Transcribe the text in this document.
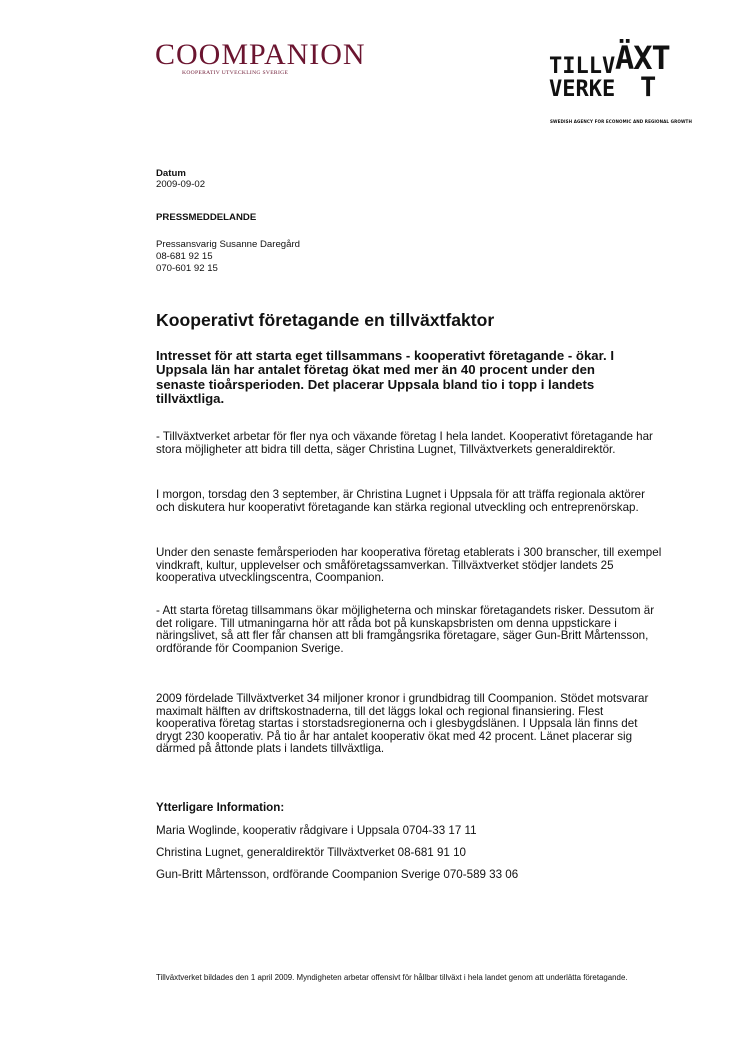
COOMPANION
KOOPERATIV UTVECKLING SVERIGE	TILLV ÄXT
VERKE T
SWEDISH AGENCY FOR ECONOMIC AND REGIONAL GROWTH
Datum
2009-09-02
PRESSMEDDELANDE
Pressansvarig Susanne Daregård
08-681 92 15
070-601 92 15
Kooperativt företagande en tillväxtfaktor

Intresset för att starta eget tillsammans - kooperativt företagande - ökar. I Uppsala län har antalet företag ökat med mer än 40 procent under den senaste tioårsperioden. Det placerar Uppsala bland tio i topp i landets tillväxtliga.

- Tillväxtverket arbetar för fler nya och växande företag I hela landet. Kooperativt företagande har stora möjligheter att bidra till detta, säger Christina Lugnet, Tillväxtverkets generaldirektör.

I morgon, torsdag den 3 september, är Christina Lugnet i Uppsala för att träffa regionala aktörer och diskutera hur kooperativt företagande kan stärka regional utveckling och entreprenörskap.

Under den senaste femårsperioden har kooperativa företag etablerats i 300 branscher, till exempel vindkraft, kultur, upplevelser och småföretagssamverkan. Tillväxtverket stödjer landets 25 kooperativa utvecklingscentra, Coompanion.

- Att starta företag tillsammans ökar möjligheterna och minskar företagandets risker. Dessutom är det roligare. Till utmaningarna hör att råda bot på kunskapsbristen om denna uppstickare i näringslivet, så att fler får chansen att bli framgångsrika företagare, säger Gun-Britt Mårtensson, ordförande för Coompanion Sverige.

2009 fördelade Tillväxtverket 34 miljoner kronor i grundbidrag till Coompanion. Stödet motsvarar maximalt hälften av driftskostnaderna, till det läggs lokal och regional finansiering. Flest kooperativa företag startas i storstadsregionerna och i glesbygdslänen. I Uppsala län finns det drygt 230 kooperativ. På tio år har antalet kooperativ ökat med 42 procent. Länet placerar sig därmed på åttonde plats i landets tillväxtliga.

Ytterligare Information:
Maria Woglinde, kooperativ rådgivare i Uppsala 0704-33 17 11
Christina Lugnet, generaldirektör Tillväxtverket 08-681 91 10
Gun-Britt Mårtensson, ordförande Coompanion Sverige 070-589 33 06

Tillväxtverket bildades den 1 april 2009. Myndigheten arbetar offensivt för hållbar tillväxt i hela landet genom att underlätta företagande.
